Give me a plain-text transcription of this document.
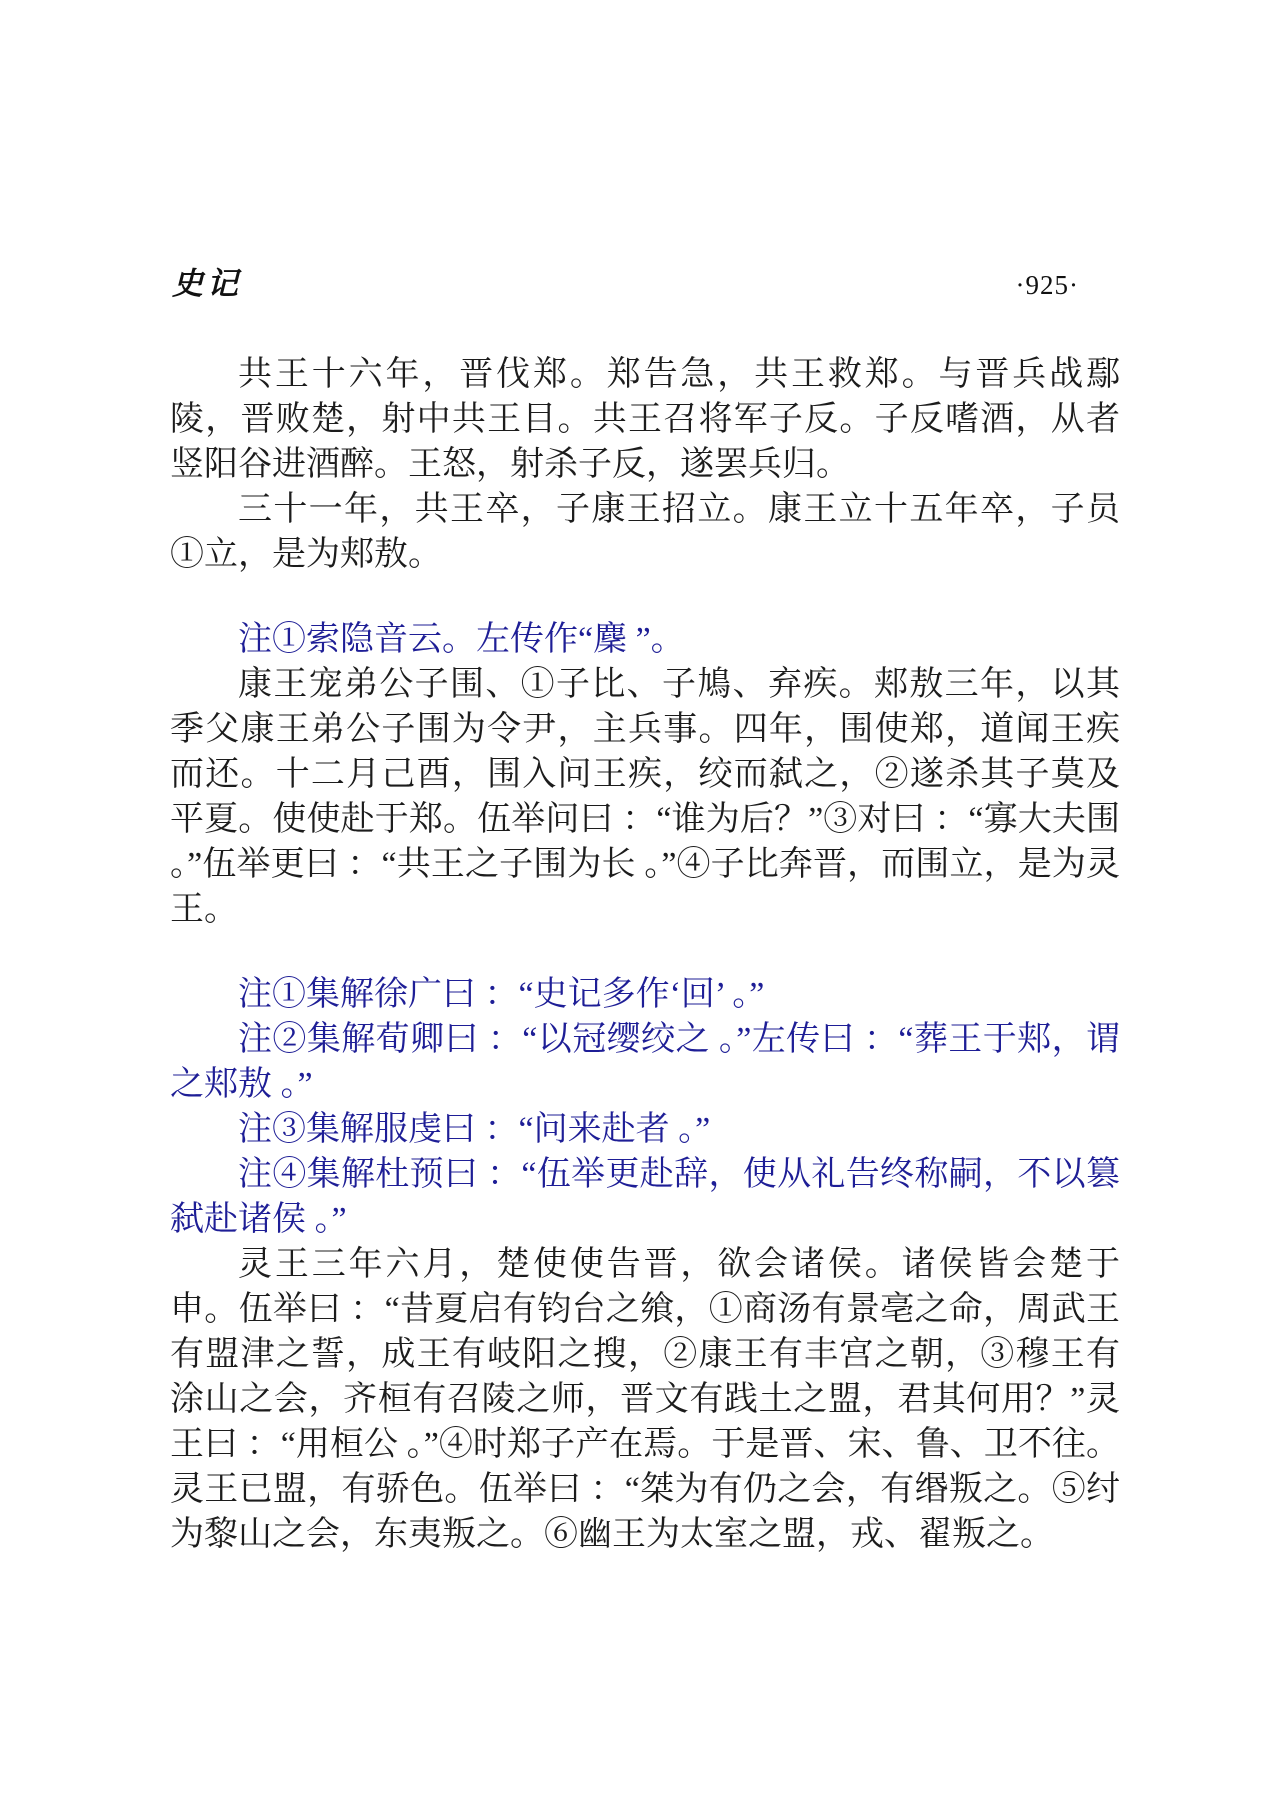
史记	·925·

共王十六年，晋伐郑。郑告急，共王救郑。与晋兵战鄢陵，晋败楚，射中共王目。共王召将军子反。子反嗜酒，从者竖阳谷进酒醉。王怒，射杀子反，遂罢兵归。

三十一年，共王卒，子康王招立。康王立十五年卒，子员①立，是为郏敖。

注①索隐音云。左传作“麇 ”。

康王宠弟公子围、①子比、子鳩、弃疾。郏敖三年，以其季父康王弟公子围为令尹，主兵事。四年，围使郑，道闻王疾而还。十二月己酉，围入问王疾，绞而弑之，②遂杀其子莫及平夏。使使赴于郑。伍举问曰 ：“谁为后？”③对曰 ：“寡大夫围 。”伍举更曰 ：“共王之子围为长 。”④子比奔晋，而围立，是为灵王。

注①集解徐广曰 ：“史记多作‘回’ 。”

注②集解荀卿曰 ：“以冠缨绞之 。”左传曰 ：“葬王于郏，谓之郏敖 。”

注③集解服虔曰 ：“问来赴者 。”

注④集解杜预曰 ：“伍举更赴辞，使从礼告终称嗣，不以篡弑赴诸侯 。”

灵王三年六月，楚使使告晋，欲会诸侯。诸侯皆会楚于申。伍举曰 ：“昔夏启有钧台之飨，①商汤有景亳之命，周武王有盟津之誓，成王有岐阳之搜，②康王有丰宫之朝，③穆王有涂山之会，齐桓有召陵之师，晋文有践土之盟，君其何用？”灵王曰 ：“用桓公 。”④时郑子产在焉。于是晋、宋、鲁、卫不往。灵王已盟，有骄色。伍举曰 ：“桀为有仍之会，有缗叛之。⑤纣为黎山之会，东夷叛之。⑥幽王为太室之盟，戎、翟叛之。
